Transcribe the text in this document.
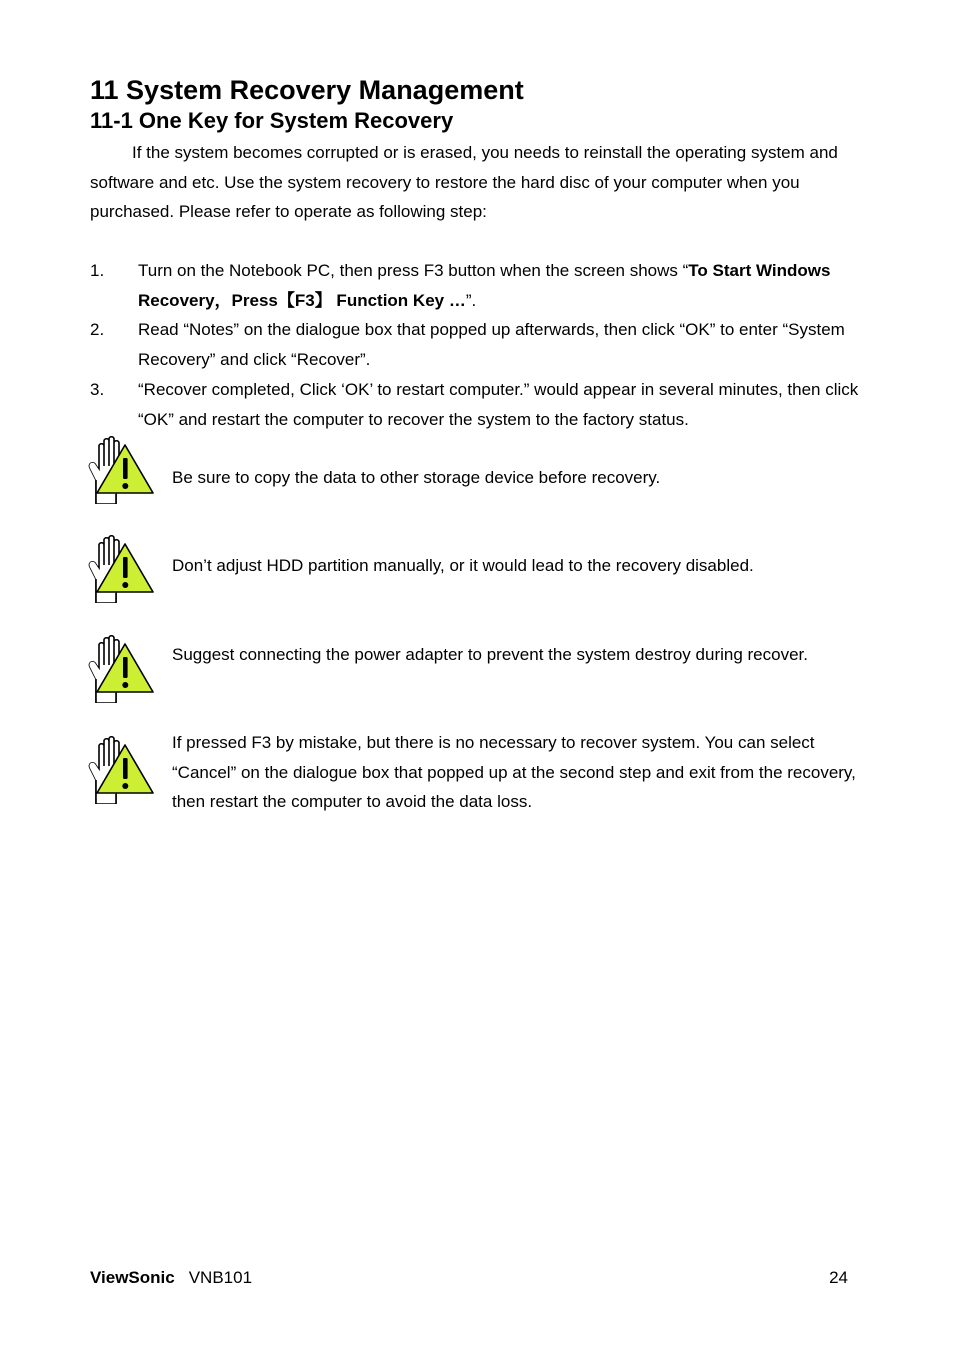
11 System Recovery Management
11-1 One Key for System Recovery

If the system becomes corrupted or is erased, you needs to reinstall the operating system and software and etc. Use the system recovery to restore the hard disc of your computer when you purchased. Please refer to operate as following step:

1. Turn on the Notebook PC, then press F3 button when the screen shows “To Start Windows Recovery，Press【F3】 Function Key …”.
2. Read “Notes” on the dialogue box that popped up afterwards, then click “OK” to enter “System Recovery” and click “Recover”.
3. “Recover completed, Click ‘OK’ to restart computer.” would appear in several minutes, then click “OK” and restart the computer to recover the system to the factory status.

Be sure to copy the data to other storage device before recovery.

Don’t adjust HDD partition manually, or it would lead to the recovery disabled.

Suggest connecting the power adapter to prevent the system destroy during recover.

If pressed F3 by mistake, but there is no necessary to recover system. You can select “Cancel” on the dialogue box that popped up at the second step and exit from the recovery, then restart the computer to avoid the data loss.

ViewSonic VNB101	24
